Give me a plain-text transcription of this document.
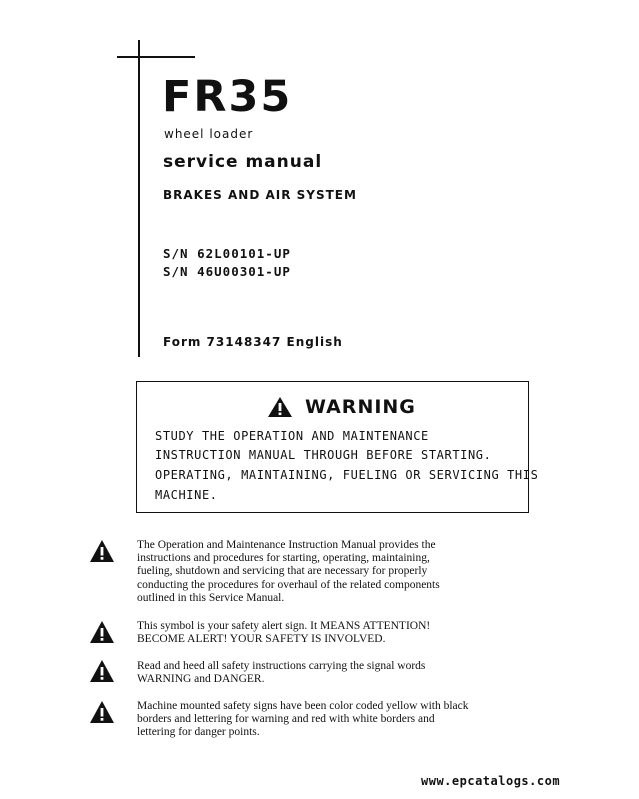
FR35
wheel loader
service manual
BRAKES AND AIR SYSTEM
S/N 62L00101-UP
S/N 46U00301-UP
Form 73148347 English
WARNING
STUDY THE OPERATION AND MAINTENANCE
INSTRUCTION MANUAL THROUGH BEFORE STARTING.
OPERATING, MAINTAINING, FUELING OR SERVICING THIS
MACHINE.
The Operation and Maintenance Instruction Manual provides the
instructions and procedures for starting, operating, maintaining,
fueling, shutdown and servicing that are necessary for properly
conducting the procedures for overhaul of the related components
outlined in this Service Manual.
This symbol is your safety alert sign. It MEANS ATTENTION!
BECOME ALERT! YOUR SAFETY IS INVOLVED.
Read and heed all safety instructions carrying the signal words
WARNING and DANGER.
Machine mounted safety signs have been color coded yellow with black
borders and lettering for warning and red with white borders and
lettering for danger points.
www.epcatalogs.com
